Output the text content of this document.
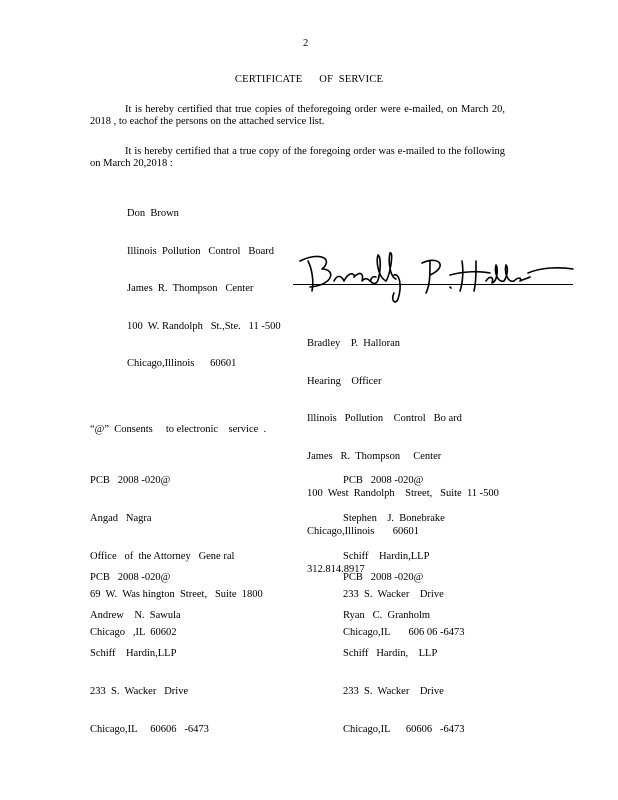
2
CERTIFICATE      OF  SERVICE
It is hereby certified that true copies of theforegoing order were e-mailed, on March 20, 2018 , to eachof the persons on the attached service list.
It is hereby certified that a true copy of the foregoing order was e-mailed to the following on March 20,2018 :

Don  Brown

Illinois  Pollution   Control   Board

James  R.  Thompson   Center

100  W. Randolph   St.,Ste.   11 -500

Chicago,Illinois      60601

Bradley    P.  Halloran

Hearing    Officer

Illinois   Pollution    Control   Bo ard

James   R.  Thompson     Center

100  West  Randolph    Street,   Suite  11 -500

Chicago,Illinois       60601

312.814.8917

“@”  Consents     to electronic    service  .

PCB   2008 -020@

Angad   Nagra

Office   of  the Attorney   Gene ral

69  W.  Was hington  Street,   Suite  1800

Chicago   ,IL  60602

PCB   2008 -020@

Stephen    J.  Bonebrake

Schiff    Hardin,LLP

233  S.  Wacker    Drive

Chicago,IL       606 06 -6473

PCB   2008 -020@

Andrew    N.  Sawula

Schiff    Hardin,LLP

233  S.  Wacker   Drive

Chicago,IL     60606   -6473

PCB   2008 -020@

Ryan   C.  Granholm

Schiff   Hardin,    LLP

233  S.  Wacker    Drive

Chicago,IL      60606   -6473
